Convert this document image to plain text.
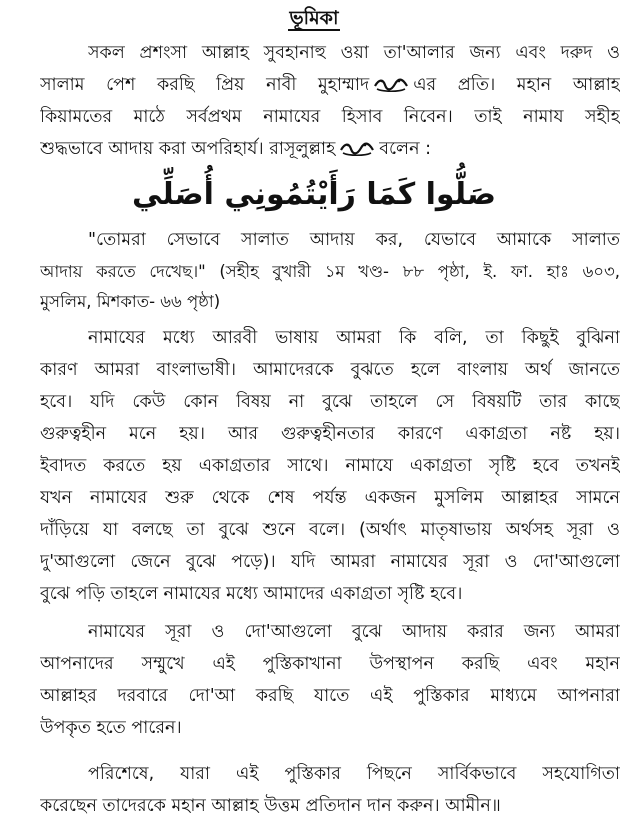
ভূমিকা
সকল প্রশংসা আল্লাহ সুবহানাহু ওয়া তা'আলার জন্য এবং দরুদ ও
সালাম পেশ করছি প্রিয় নাবী মুহাম্মাদ	এর প্রতি। মহান আল্লাহ
কিয়ামতের মাঠে সর্বপ্রথম নামাযের হিসাব নিবেন। তাই নামায সহীহ
শুদ্ধভাবে আদায় করা অপরিহার্য। রাসূলুল্লাহ	বলেন :
صَلُّوا كَمَا رَأَيْتُمُونِي أُصَلِّي
"তোমরা সেভাবে সালাত আদায় কর, যেভাবে আমাকে সালাত
আদায় করতে দেখেছ।" (সহীহ বুখারী ১ম খণ্ড- ৮৮ পৃষ্ঠা, ই. ফা. হাঃ ৬০৩,
মুসলিম, মিশকাত- ৬৬ পৃষ্ঠা)
নামাযের মধ্যে আরবী ভাষায় আমরা কি বলি, তা কিছুই বুঝিনা
কারণ আমরা বাংলাভাষী। আমাদেরকে বুঝতে হলে বাংলায় অর্থ জানতে
হবে। যদি কেউ কোন বিষয় না বুঝে তাহলে সে বিষয়টি তার কাছে
গুরুত্বহীন মনে হয়। আর গুরুত্বহীনতার কারণে একাগ্রতা নষ্ট হয়।
ইবাদত করতে হয় একাগ্রতার সাথে। নামাযে একাগ্রতা সৃষ্টি হবে তখনই
যখন নামাযের শুরু থেকে শেষ পর্যন্ত একজন মুসলিম আল্লাহর সামনে
দাঁড়িয়ে যা বলছে তা বুঝে শুনে বলে। (অর্থাৎ মাতৃষাভায় অর্থসহ সূরা ও
দু'আগুলো জেনে বুঝে পড়ে)। যদি আমরা নামাযের সূরা ও দো'আগুলো
বুঝে পড়ি তাহলে নামাযের মধ্যে আমাদের একাগ্রতা সৃষ্টি হবে।
নামাযের সূরা ও দো'আগুলো বুঝে আদায় করার জন্য আমরা
আপনাদের সম্মুখে এই পুস্তিকাখানা উপস্থাপন করছি এবং মহান
আল্লাহর দরবারে দো'আ করছি যাতে এই পুস্তিকার মাধ্যমে আপনারা
উপকৃত হতে পারেন।
পরিশেষে, যারা এই পুস্তিকার পিছনে সার্বিকভাবে সহযোগিতা
করেছেন তাদেরকে মহান আল্লাহ উত্তম প্রতিদান দান করুন। আমীন॥
